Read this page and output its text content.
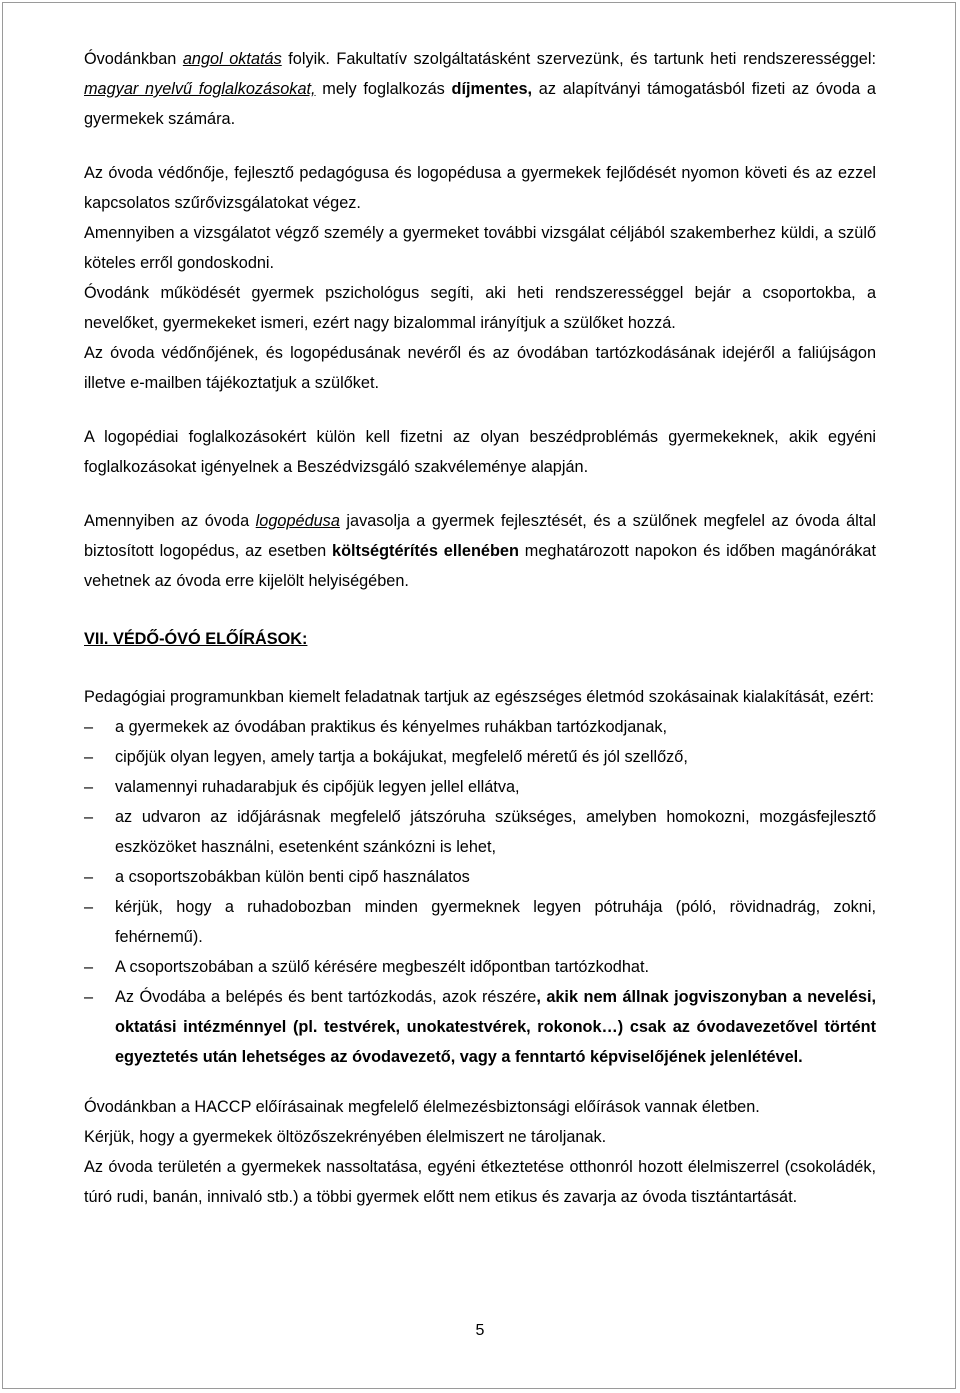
Óvodánkban angol oktatás folyik. Fakultatív szolgáltatásként szervezünk, és tartunk heti rendszerességgel: magyar nyelvű foglalkozásokat, mely foglalkozás díjmentes, az alapítványi támogatásból fizeti az óvoda a gyermekek számára.

Az óvoda védőnője, fejlesztő pedagógusa és logopédusa a gyermekek fejlődését nyomon követi és az ezzel kapcsolatos szűrővizsgálatokat végez.

Amennyiben a vizsgálatot végző személy a gyermeket további vizsgálat céljából szakemberhez küldi, a szülő köteles erről gondoskodni.

Óvodánk működését gyermek pszichológus segíti, aki heti rendszerességgel bejár a csoportokba, a nevelőket, gyermekeket ismeri, ezért nagy bizalommal irányítjuk a szülőket hozzá.

Az óvoda védőnőjének, és logopédusának nevéről és az óvodában tartózkodásának idejéről a faliújságon illetve e-mailben tájékoztatjuk a szülőket.

A logopédiai foglalkozásokért külön kell fizetni az olyan beszédproblémás gyermekeknek, akik egyéni foglalkozásokat igényelnek a Beszédvizsgáló szakvéleménye alapján.

Amennyiben az óvoda logopédusa javasolja a gyermek fejlesztését, és a szülőnek megfelel az óvoda által biztosított logopédus, az esetben költségtérítés ellenében meghatározott napokon és időben magánórákat vehetnek az óvoda erre kijelölt helyiségében.

VII. VÉDŐ-ÓVÓ ELŐÍRÁSOK:

Pedagógiai programunkban kiemelt feladatnak tartjuk az egészséges életmód szokásainak kialakítását, ezért:

– a gyermekek az óvodában praktikus és kényelmes ruhákban tartózkodjanak,
– cipőjük olyan legyen, amely tartja a bokájukat, megfelelő méretű és jól szellőző,
– valamennyi ruhadarabjuk és cipőjük legyen jellel ellátva,
– az udvaron az időjárásnak megfelelő játszóruha szükséges, amelyben homokozni, mozgásfejlesztő eszközöket használni, esetenként szánkózni is lehet,
– a csoportszobákban külön benti cipő használatos
– kérjük, hogy a ruhadobozban minden gyermeknek legyen pótruhája (póló, rövidnadrág, zokni, fehérnemű).
– A csoportszobában a szülő kérésére megbeszélt időpontban tartózkodhat.
– Az Óvodába a belépés és bent tartózkodás, azok részére, akik nem állnak jogviszonyban a nevelési, oktatási intézménnyel (pl. testvérek, unokatestvérek, rokonok…) csak az óvodavezetővel történt egyeztetés után lehetséges az óvodavezető, vagy a fenntartó képviselőjének jelenlétével.

Óvodánkban a HACCP előírásainak megfelelő élelmezésbiztonsági előírások vannak életben.

Kérjük, hogy a gyermekek öltözőszekrényében élelmiszert ne tároljanak.

Az óvoda területén a gyermekek nassoltatása, egyéni étkeztetése otthonról hozott élelmiszerrel (csokoládék, túró rudi, banán, innivaló stb.) a többi gyermek előtt nem etikus és zavarja az óvoda tisztántartását.

5
